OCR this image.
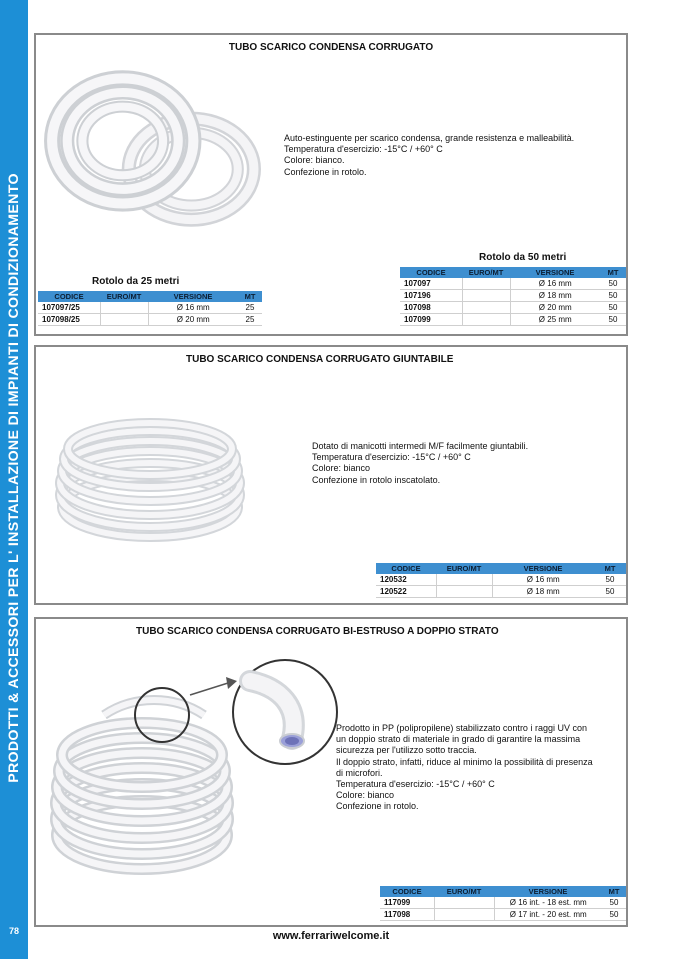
PRODOTTI & ACCESSORI PER L' INSTALLAZIONE DI IMPIANTI DI CONDIZIONAMENTO
78
TUBO SCARICO CONDENSA CORRUGATO
Auto-estinguente per scarico condensa, grande resistenza e malleabilità.
Temperatura d'esercizio: -15°C / +60° C
Colore: bianco.
Confezione in rotolo.
Rotolo da 25 metri
CODICE	EURO/MT	VERSIONE	MT
107097/25		Ø 16 mm	25
107098/25		Ø 20 mm	25
Rotolo da 50 metri
CODICE	EURO/MT	VERSIONE	MT
107097		Ø 16 mm	50
107196		Ø 18 mm	50
107098		Ø 20 mm	50
107099		Ø 25 mm	50
TUBO SCARICO CONDENSA CORRUGATO GIUNTABILE
Dotato di manicotti intermedi M/F facilmente giuntabili.
Temperatura d'esercizio: -15°C / +60° C
Colore: bianco
Confezione in rotolo inscatolato.
CODICE	EURO/MT	VERSIONE	MT
120532		Ø 16 mm	50
120522		Ø 18 mm	50
TUBO SCARICO CONDENSA CORRUGATO BI-ESTRUSO A DOPPIO STRATO
Prodotto in PP (polipropilene) stabilizzato contro i raggi UV con
un doppio strato di materiale in grado di garantire la massima
sicurezza per l'utilizzo sotto traccia.
Il doppio strato, infatti, riduce al minimo la possibilità di presenza
di microfori.
Temperatura d'esercizio: -15°C / +60° C
Colore: bianco
Confezione in rotolo.
CODICE	EURO/MT	VERSIONE	MT
117099		Ø 16 int. - 18 est. mm	50
117098		Ø 17 int. - 20 est. mm	50
www.ferrariwelcome.it
